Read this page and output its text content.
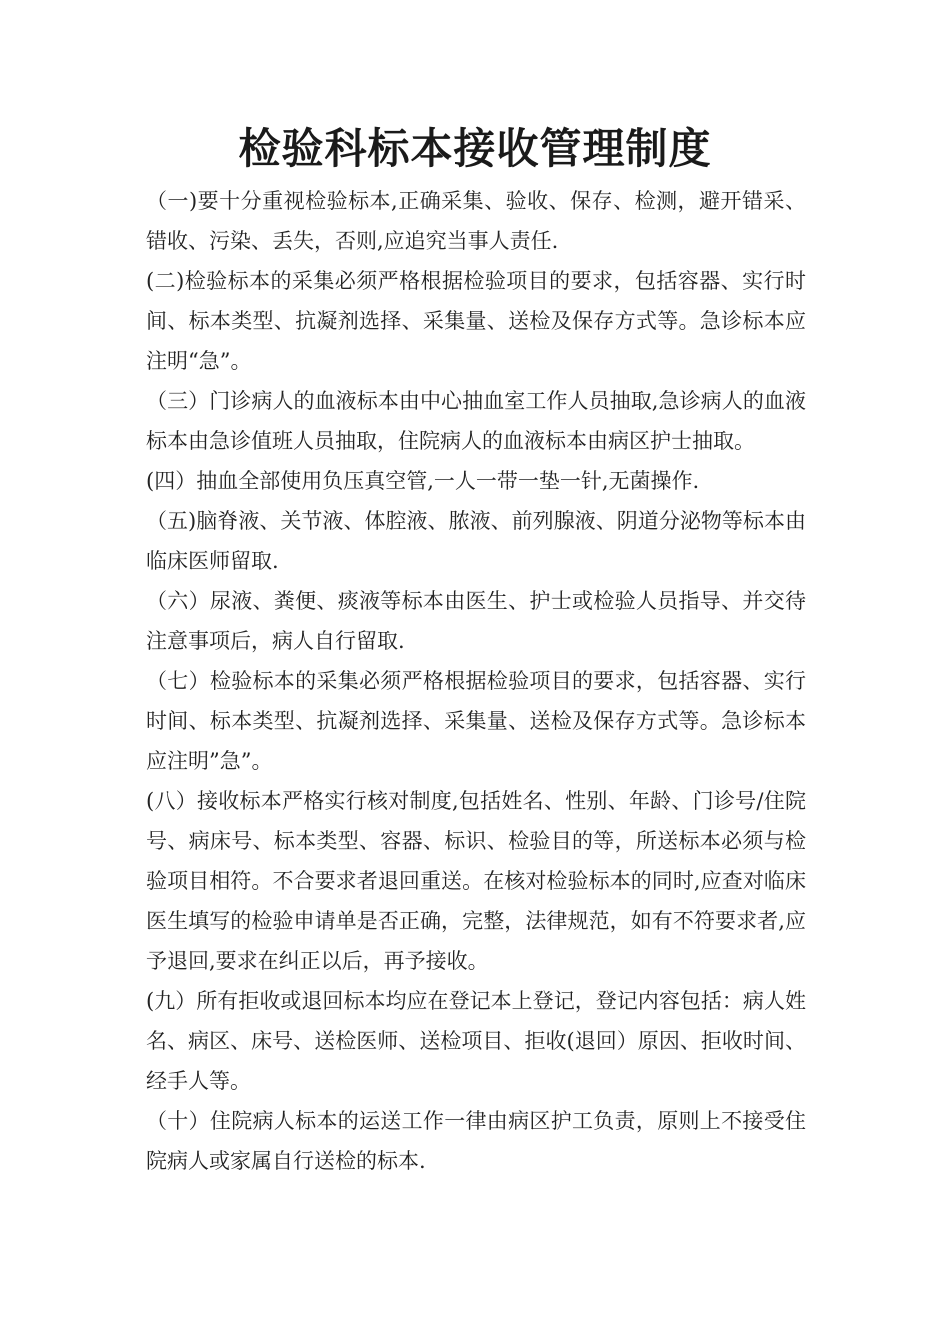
检验科标本接收管理制度

（一)要十分重视检验标本,正确采集、验收、保存、检测，避开错采、错收、污染、丢失，否则,应追究当事人责任.

(二)检验标本的采集必须严格根据检验项目的要求，包括容器、实行时间、标本类型、抗凝剂选择、采集量、送检及保存方式等。急诊标本应注明“急”。

（三）门诊病人的血液标本由中心抽血室工作人员抽取,急诊病人的血液标本由急诊值班人员抽取，住院病人的血液标本由病区护士抽取。

(四）抽血全部使用负压真空管,一人一带一垫一针,无菌操作.

（五)脑脊液、关节液、体腔液、脓液、前列腺液、阴道分泌物等标本由临床医师留取.

（六）尿液、粪便、痰液等标本由医生、护士或检验人员指导、并交待注意事项后，病人自行留取.

（七）检验标本的采集必须严格根据检验项目的要求，包括容器、实行时间、标本类型、抗凝剂选择、采集量、送检及保存方式等。急诊标本应注明”急”。

(八）接收标本严格实行核对制度,包括姓名、性别、年龄、门诊号/住院号、病床号、标本类型、容器、标识、检验目的等，所送标本必须与检验项目相符。不合要求者退回重送。在核对检验标本的同时,应查对临床医生填写的检验申请单是否正确，完整，法律规范，如有不符要求者,应予退回,要求在纠正以后，再予接收。

(九）所有拒收或退回标本均应在登记本上登记，登记内容包括：病人姓名、病区、床号、送检医师、送检项目、拒收(退回）原因、拒收时间、经手人等。

（十）住院病人标本的运送工作一律由病区护工负责，原则上不接受住院病人或家属自行送检的标本.
